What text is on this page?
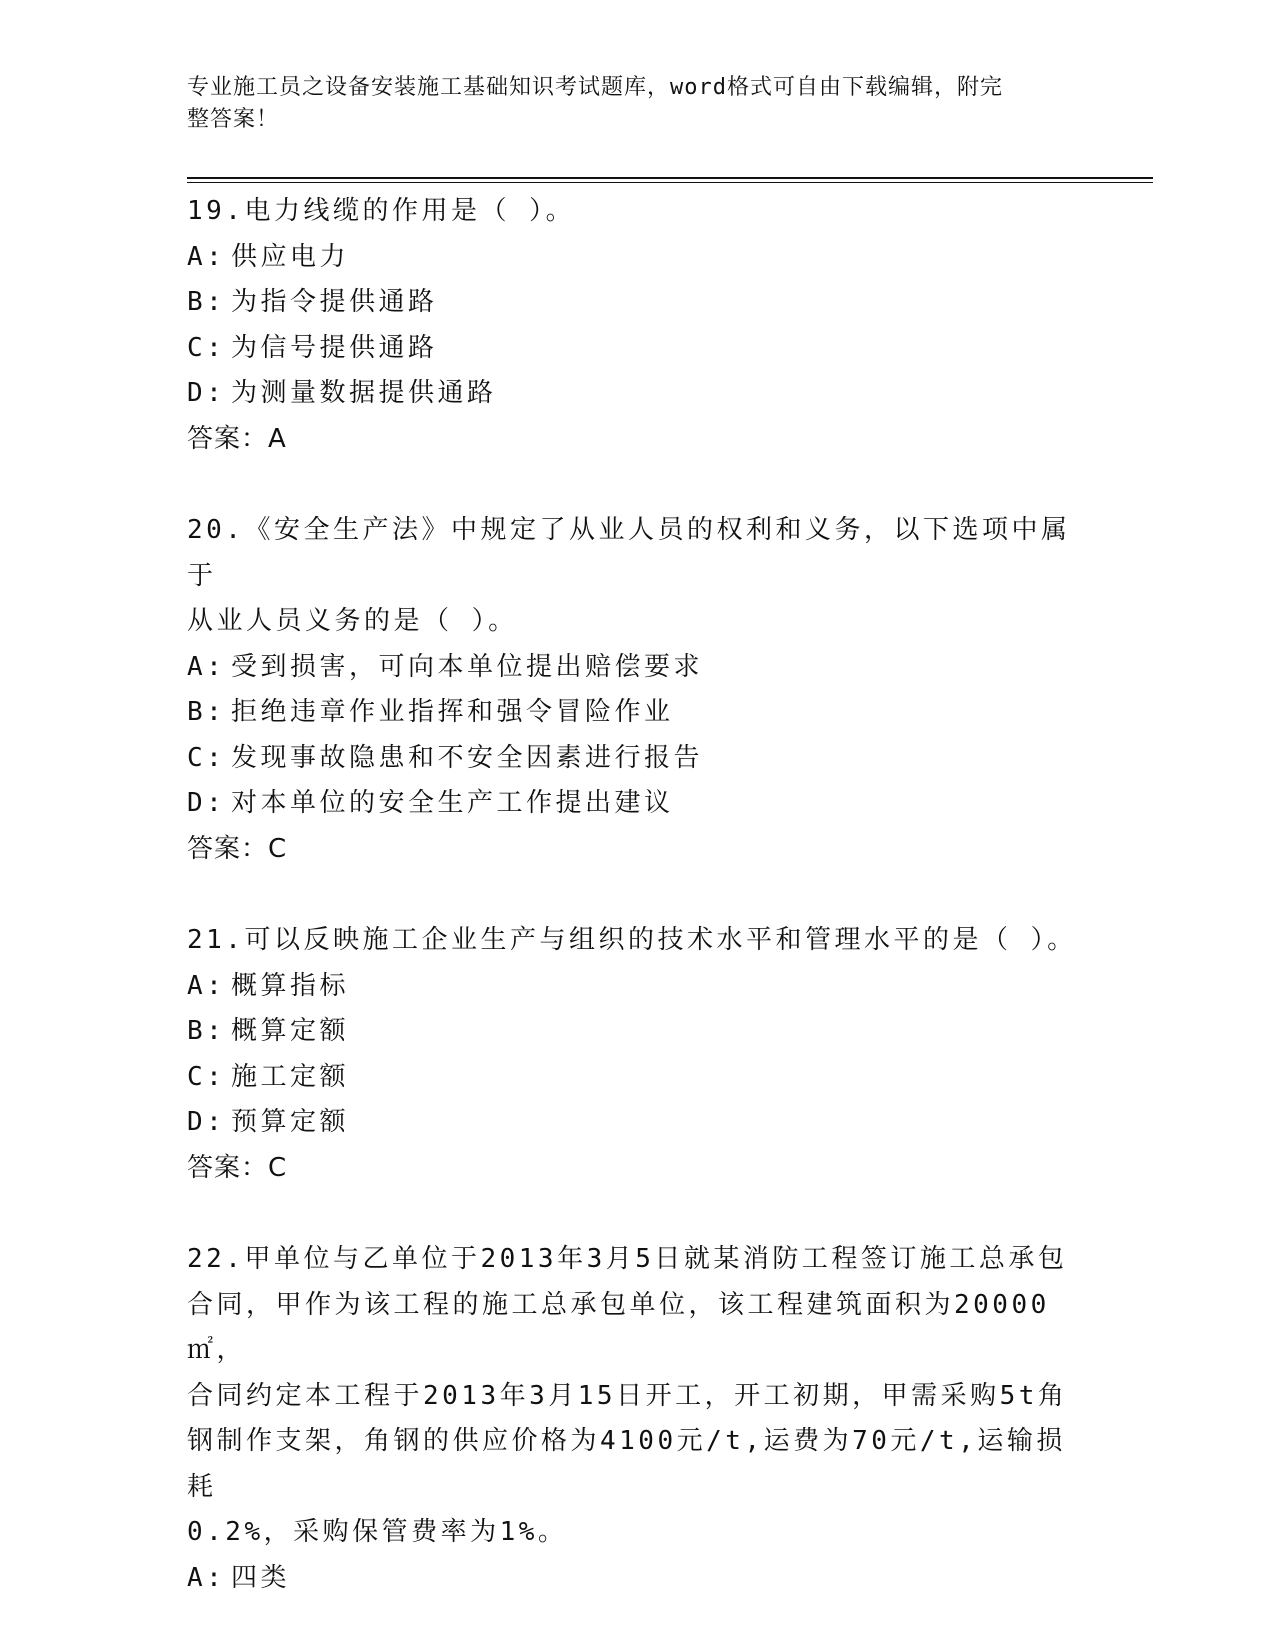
专业施工员之设备安装施工基础知识考试题库，word格式可自由下载编辑，附完
整答案！

19.电力线缆的作用是（ ）。

A: 供应电力

B: 为指令提供通路

C: 为信号提供通路

D: 为测量数据提供通路

答案：A

20.《安全生产法》中规定了从业人员的权利和义务，以下选项中属于

从业人员义务的是（ ）。

A: 受到损害，可向本单位提出赔偿要求

B: 拒绝违章作业指挥和强令冒险作业

C: 发现事故隐患和不安全因素进行报告

D: 对本单位的安全生产工作提出建议

答案：C

21.可以反映施工企业生产与组织的技术水平和管理水平的是（ ）。

A: 概算指标

B: 概算定额

C: 施工定额

D: 预算定额

答案：C

22.甲单位与乙单位于2013年3月5日就某消防工程签订施工总承包

合同，甲作为该工程的施工总承包单位，该工程建筑面积为20000㎡，

合同约定本工程于2013年3月15日开工，开工初期，甲需采购5t角

钢制作支架，角钢的供应价格为4100元/t,运费为70元/t,运输损耗

0.2%，采购保管费率为1%。

A: 四类
